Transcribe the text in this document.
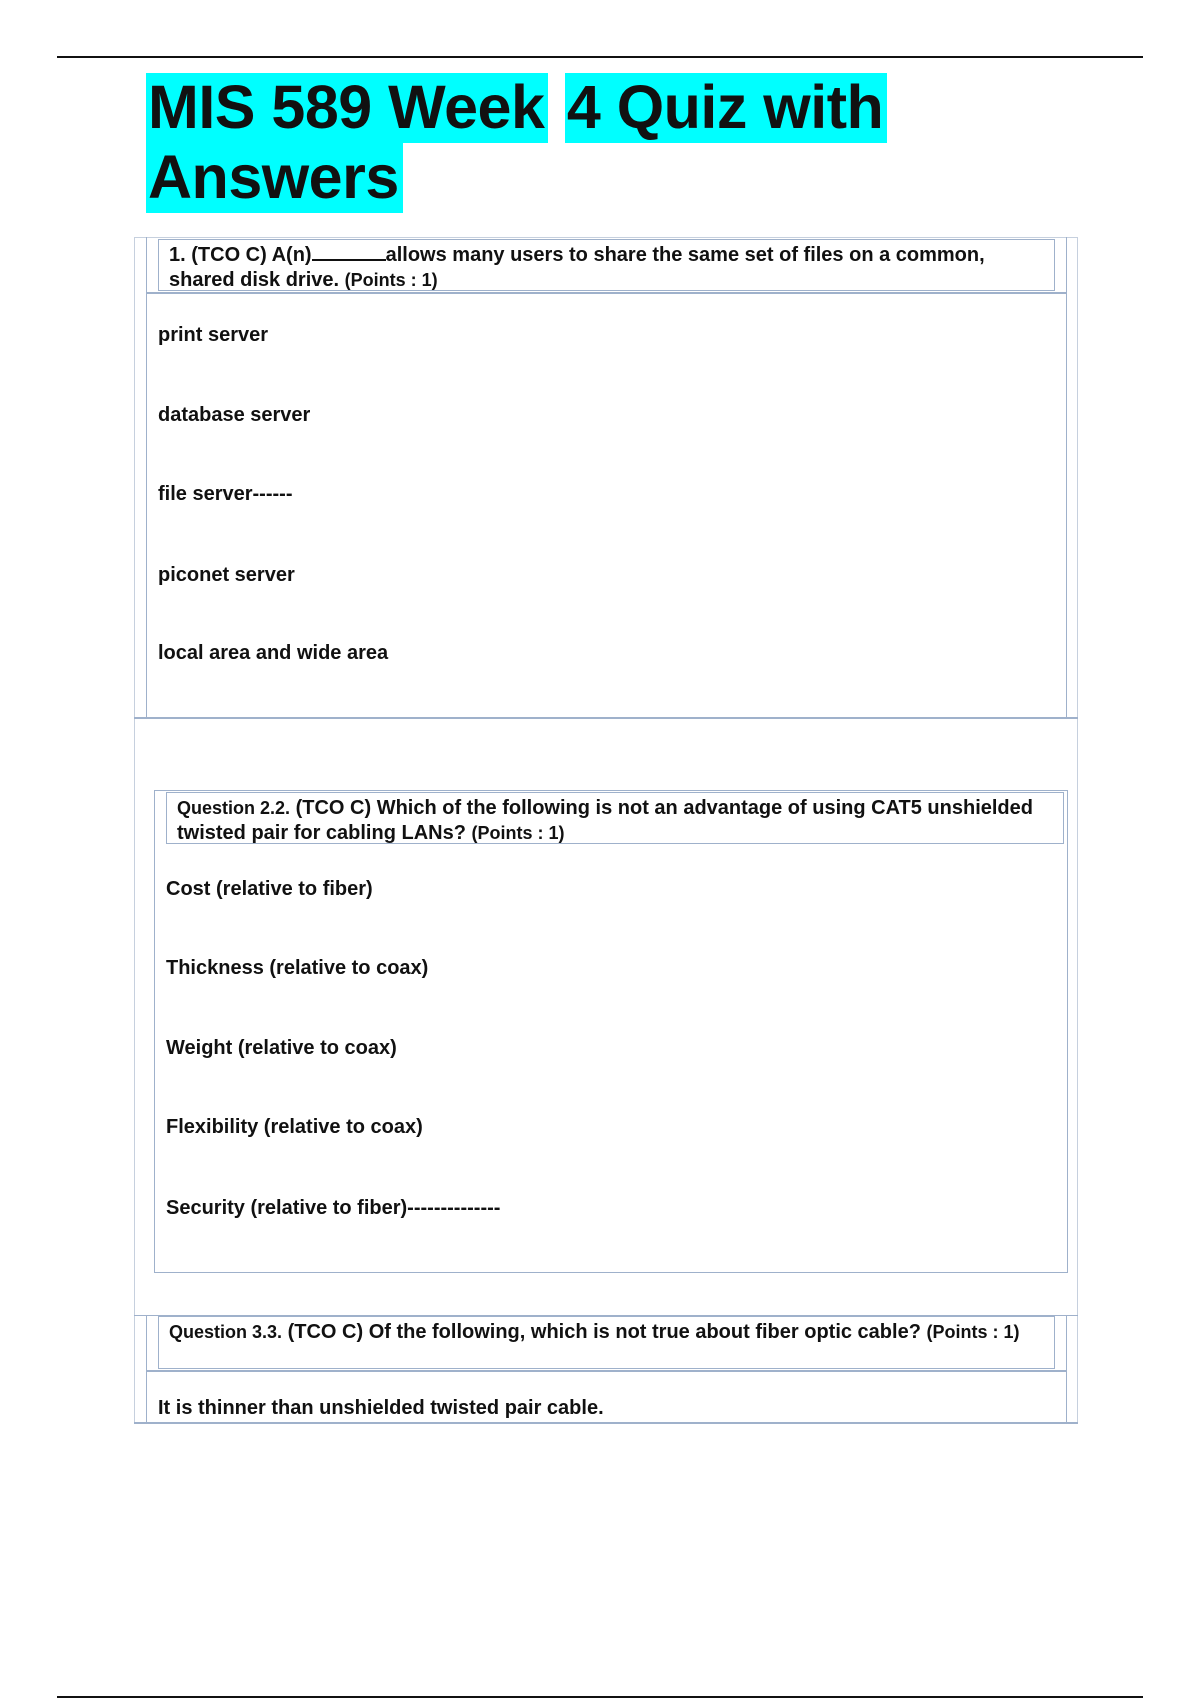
MIS 589 Week 4 Quiz with
Answers
1. (TCO C) A(n)	allows many users to share the same set of files on a common, shared disk drive. (Points : 1)
print server
database server
file server------
piconet server
local area and wide area
Question 2.2. (TCO C) Which of the following is not an advantage of using CAT5 unshielded twisted pair for cabling LANs? (Points : 1)
Cost (relative to fiber)
Thickness (relative to coax)
Weight (relative to coax)
Flexibility (relative to coax)
Security (relative to fiber)--------------
Question 3.3. (TCO C) Of the following, which is not true about fiber optic cable? (Points : 1)
It is thinner than unshielded twisted pair cable.
